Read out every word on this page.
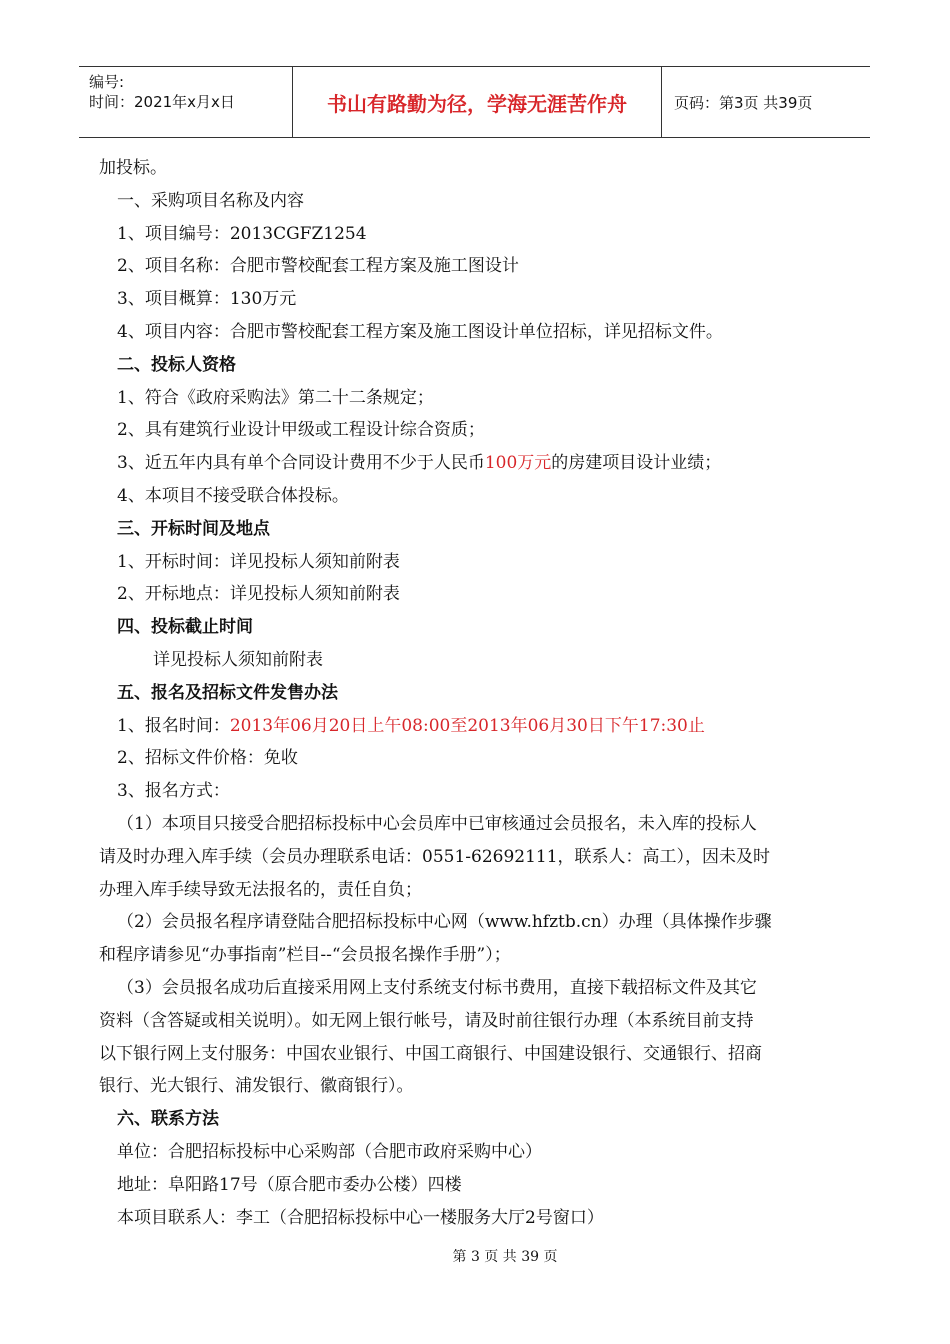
编号:
时间：2021年x月x日	书山有路勤为径，学海无涯苦作舟	页码：第3页 共39页
加投标。
一、采购项目名称及内容
1、项目编号：2013CGFZ1254
2、项目名称：合肥市警校配套工程方案及施工图设计
3、项目概算：130万元
4、项目内容：合肥市警校配套工程方案及施工图设计单位招标，详见招标文件。
二、投标人资格
1、符合《政府采购法》第二十二条规定；
2、具有建筑行业设计甲级或工程设计综合资质；
3、近五年内具有单个合同设计费用不少于人民币100万元的房建项目设计业绩；
4、本项目不接受联合体投标。
三、开标时间及地点
1、开标时间：详见投标人须知前附表
2、开标地点：详见投标人须知前附表
四、投标截止时间
详见投标人须知前附表
五、报名及招标文件发售办法
1、报名时间：2013年06月20日上午08:00至2013年06月30日下午17:30止
2、招标文件价格：免收
3、报名方式：
（1）本项目只接受合肥招标投标中心会员库中已审核通过会员报名，未入库的投标人
请及时办理入库手续（会员办理联系电话：0551-62692111，联系人：高工），因未及时
办理入库手续导致无法报名的，责任自负；
（2）会员报名程序请登陆合肥招标投标中心网（www.hfztb.cn）办理（具体操作步骤
和程序请参见“办事指南”栏目--“会员报名操作手册”）；
（3）会员报名成功后直接采用网上支付系统支付标书费用，直接下载招标文件及其它
资料（含答疑或相关说明）。如无网上银行帐号，请及时前往银行办理（本系统目前支持
以下银行网上支付服务：中国农业银行、中国工商银行、中国建设银行、交通银行、招商
银行、光大银行、浦发银行、徽商银行）。
六、联系方法
单位：合肥招标投标中心采购部（合肥市政府采购中心）
地址：阜阳路17号（原合肥市委办公楼）四楼
本项目联系人：李工（合肥招标投标中心一楼服务大厅2号窗口）
第 3 页 共 39 页
